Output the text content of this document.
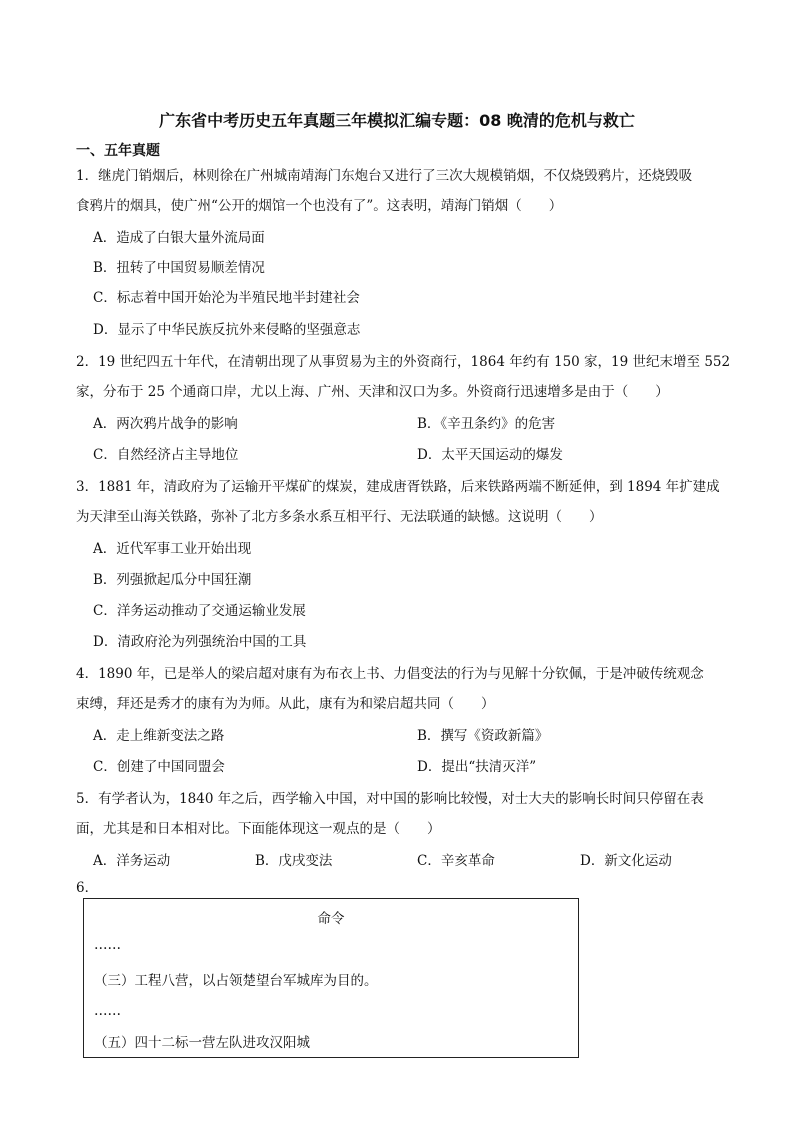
广东省中考历史五年真题三年模拟汇编专题：08 晚清的危机与救亡
一、五年真题
1．继虎门销烟后，林则徐在广州城南靖海门东炮台又进行了三次大规模销烟，不仅烧毁鸦片，还烧毁吸
食鸦片的烟具，使广州“公开的烟馆一个也没有了”。这表明，靖海门销烟（　　）
A．造成了白银大量外流局面
B．扭转了中国贸易顺差情况
C．标志着中国开始沦为半殖民地半封建社会
D．显示了中华民族反抗外来侵略的坚强意志
2．19 世纪四五十年代，在清朝出现了从事贸易为主的外资商行，1864 年约有 150 家，19 世纪末增至 552
家，分布于 25 个通商口岸，尤以上海、广州、天津和汉口为多。外资商行迅速增多是由于（　　）
A．两次鸦片战争的影响	B．《辛丑条约》的危害
C．自然经济占主导地位	D．太平天国运动的爆发
3．1881 年，清政府为了运输开平煤矿的煤炭，建成唐胥铁路，后来铁路两端不断延伸，到 1894 年扩建成
为天津至山海关铁路，弥补了北方多条水系互相平行、无法联通的缺憾。这说明（　　）
A．近代军事工业开始出现
B．列强掀起瓜分中国狂潮
C．洋务运动推动了交通运输业发展
D．清政府沦为列强统治中国的工具
4．1890 年，已是举人的梁启超对康有为布衣上书、力倡变法的行为与见解十分钦佩，于是冲破传统观念
束缚，拜还是秀才的康有为为师。从此，康有为和梁启超共同（　　）
A．走上维新变法之路	B．撰写《资政新篇》
C．创建了中国同盟会	D．提出“扶清灭洋”
5．有学者认为，1840 年之后，西学输入中国，对中国的影响比较慢，对士大夫的影响长时间只停留在表
面，尤其是和日本相对比。下面能体现这一观点的是（　　）
A．洋务运动	B．戊戌变法	C．辛亥革命	D．新文化运动
6．
命令
……
（三）工程八营，以占领楚望台军城库为目的。
……
（五）四十二标一营左队进攻汉阳城
